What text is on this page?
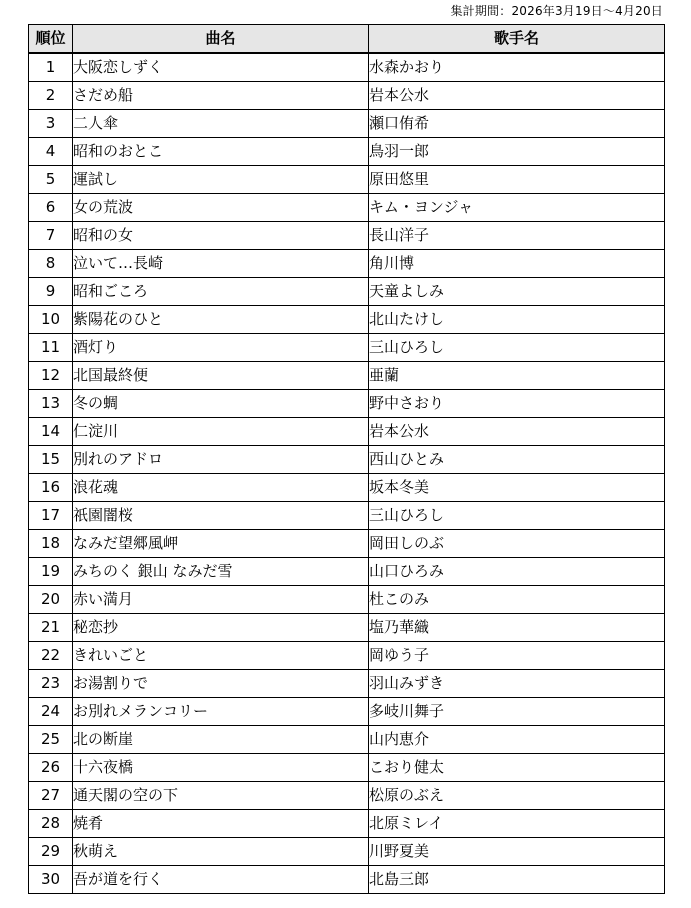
集計期間：2026年3月19日～4月20日
順位	曲名	歌手名
1	大阪恋しずく	水森かおり
2	さだめ船	岩本公水
3	二人傘	瀬口侑希
4	昭和のおとこ	鳥羽一郎
5	運試し	原田悠里
6	女の荒波	キム・ヨンジャ
7	昭和の女	長山洋子
8	泣いて…長崎	角川博
9	昭和ごころ	天童よしみ
10	紫陽花のひと	北山たけし
11	酒灯り	三山ひろし
12	北国最終便	亜蘭
13	冬の蜩	野中さおり
14	仁淀川	岩本公水
15	別れのアドロ	西山ひとみ
16	浪花魂	坂本冬美
17	祇園闇桜	三山ひろし
18	なみだ望郷風岬	岡田しのぶ
19	みちのく 銀山 なみだ雪	山口ひろみ
20	赤い満月	杜このみ
21	秘恋抄	塩乃華織
22	きれいごと	岡ゆう子
23	お湯割りで	羽山みずき
24	お別れメランコリー	多岐川舞子
25	北の断崖	山内恵介
26	十六夜橋	こおり健太
27	通天閣の空の下	松原のぶえ
28	焼肴	北原ミレイ
29	秋萌え	川野夏美
30	吾が道を行く	北島三郎
